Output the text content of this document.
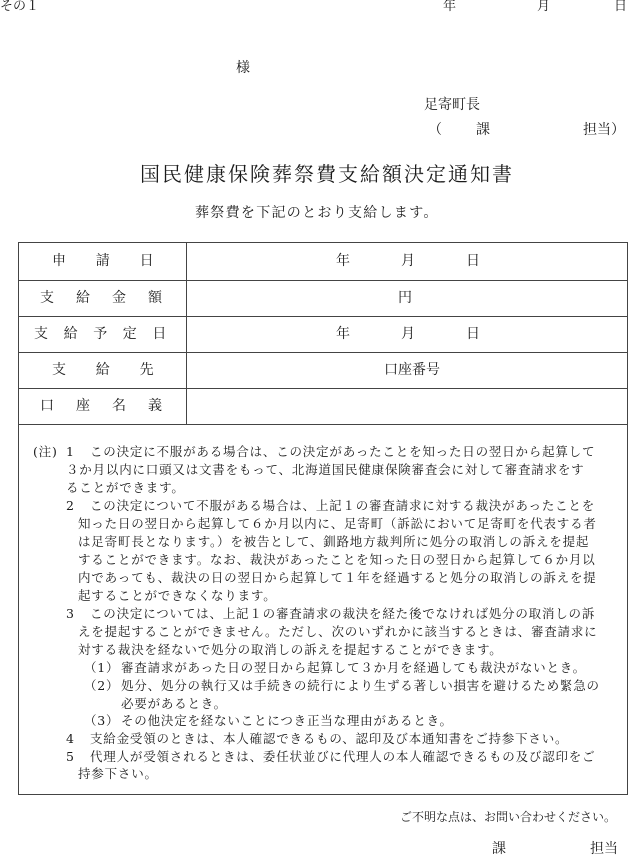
その１	年	月	日
様
足寄町長
（ 課	担当）
国民健康保険葬祭費支給額決定通知書
葬祭費を下記のとおり支給します。
申　　請　　日	年	月	日
支　給　金　額	円
支　給　予　定　日	年	月	日
支　　給　　先	口座番号
口　座　名　義
(注) 1 この決定に不服がある場合は、この決定があったことを知った日の翌日から起算して
３か月以内に口頭又は文書をもって、北海道国民健康保険審査会に対して審査請求をす
ることができます。
2 この決定について不服がある場合は、上記１の審査請求に対する裁決があったことを
知った日の翌日から起算して６か月以内に、足寄町（訴訟において足寄町を代表する者
は足寄町長となります。）を被告として、釧路地方裁判所に処分の取消しの訴えを提起
することができます。なお、裁決があったことを知った日の翌日から起算して６か月以
内であっても、裁決の日の翌日から起算して１年を経過すると処分の取消しの訴えを提
起することができなくなります。
3 この決定については、上記１の審査請求の裁決を経た後でなければ処分の取消しの訴
えを提起することができません。ただし、次のいずれかに該当するときは、審査請求に
対する裁決を経ないで処分の取消しの訴えを提起することができます。
（1） 審査請求があった日の翌日から起算して３か月を経過しても裁決がないとき。
（2） 処分、処分の執行又は手続きの続行により生ずる著しい損害を避けるため緊急の
必要があるとき。
（3） その他決定を経ないことにつき正当な理由があるとき。
4 支給金受領のときは、本人確認できるもの、認印及び本通知書をご持参下さい。
5 代理人が受領されるときは、委任状並びに代理人の本人確認できるもの及び認印をご
持参下さい。
ご不明な点は、お問い合わせください。
課	担当
